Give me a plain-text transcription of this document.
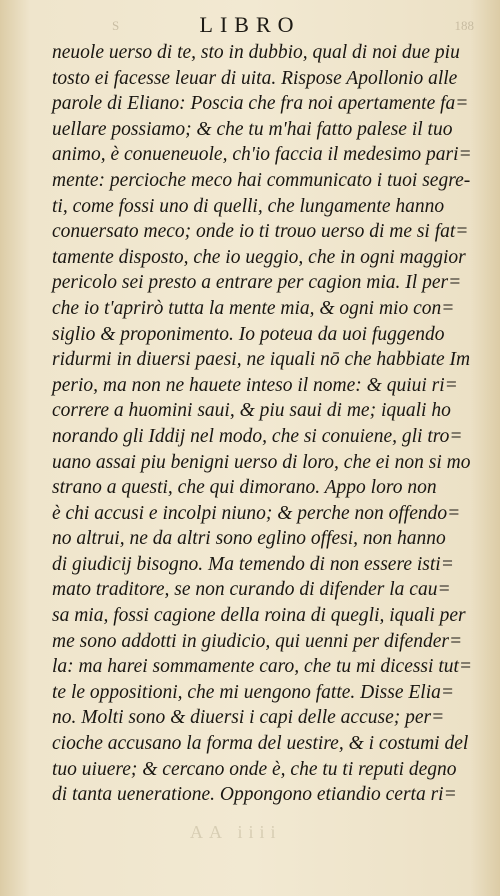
S	LIBRO	188
neuole uerso di te, sto in dubbio, qual di noi due piu
tosto ei facesse leuar di uita. Rispose Apollonio alle
parole di Eliano: Poscia che fra noi apertamente fa=
uellare possiamo; & che tu m'hai fatto palese il tuo
animo, è conueneuole, ch'io faccia il medesimo pari=
mente: percioche meco hai communicato i tuoi segre-
ti, come fossi uno di quelli, che lungamente hanno
conuersato meco; onde io ti trouo uerso di me si fat=
tamente disposto, che io ueggio, che in ogni maggior
pericolo sei presto a entrare per cagion mia. Il per=
che io t'aprirò tutta la mente mia, & ogni mio con=
siglio & proponimento. Io poteua da uoi fuggendo
ridurmi in diuersi paesi, ne iquali nō che habbiate Im
perio, ma non ne hauete inteso il nome: & quiui ri=
correre a huomini saui, & piu saui di me; iquali ho
norando gli Iddij nel modo, che si conuiene, gli tro=
uano assai piu benigni uerso di loro, che ei non si mo
strano a questi, che qui dimorano. Appo loro non
è chi accusi e incolpi niuno; & perche non offendo=
no altrui, ne da altri sono eglino offesi, non hanno
di giudicij bisogno. Ma temendo di non essere isti=
mato traditore, se non curando di difender la cau=
sa mia, fossi cagione della roina di quegli, iquali per
me sono addotti in giudicio, qui uenni per difender=
la: ma harei sommamente caro, che tu mi dicessi tut=
te le oppositioni, che mi uengono fatte. Disse Elia=
no. Molti sono & diuersi i capi delle accuse; per=
cioche accusano la forma del uestire, & i costumi del
tuo uiuere; & cercano onde è, che tu ti reputi degno
di tanta ueneratione. Oppongono etiandio certa ri=
AA iiii
